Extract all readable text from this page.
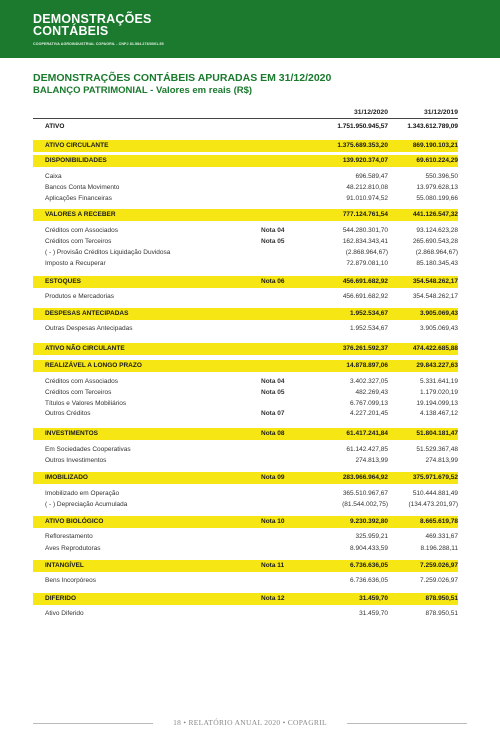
DEMONSTRAÇÕES
CONTÁBEIS
COOPERATIVA AGROINDUSTRIAL COPAGRIL - CNPJ 81.584.278/0001-55
DEMONSTRAÇÕES CONTÁBEIS APURADAS EM 31/12/2020
BALANÇO PATRIMONIAL - Valores em reais (R$)
31/12/2020	31/12/2019
ATIVO	1.751.950.945,57	1.343.612.789,09
ATIVO CIRCULANTE	1.375.689.353,20	869.190.103,21
DISPONIBILIDADES	139.920.374,07	69.610.224,29
Caixa	696.589,47	550.396,50
Bancos Conta Movimento	48.212.810,08	13.979.628,13
Aplicações Financeiras	91.010.974,52	55.080.199,66
VALORES A RECEBER	777.124.761,54	441.126.547,32
Créditos com Associados	Nota 04	544.280.301,70	93.124.623,28
Créditos com Terceiros	Nota 05	162.834.343,41	265.690.543,28
( - ) Provisão Créditos Liquidação Duvidosa	(2.868.964,67)	(2.868.964,67)
Imposto a Recuperar	72.879.081,10	85.180.345,43
ESTOQUES	Nota 06	456.691.682,92	354.548.262,17
Produtos e Mercadorias	456.691.682,92	354.548.262,17
DESPESAS ANTECIPADAS	1.952.534,67	3.905.069,43
Outras Despesas Antecipadas	1.952.534,67	3.905.069,43
ATIVO NÃO CIRCULANTE	376.261.592,37	474.422.685,88
REALIZÁVEL A LONGO PRAZO	14.878.897,06	29.843.227,63
Créditos com Associados	Nota 04	3.402.327,05	5.331.641,19
Créditos com Terceiros	Nota 05	482.269,43	1.179.020,19
Títulos e Valores Mobiliários	6.767.099,13	19.194.099,13
Outros Créditos	Nota 07	4.227.201,45	4.138.467,12
INVESTIMENTOS	Nota 08	61.417.241,84	51.804.181,47
Em Sociedades Cooperativas	61.142.427,85	51.529.367,48
Outros Investimentos	274.813,99	274.813,99
IMOBILIZADO	Nota 09	283.966.964,92	375.971.679,52
Imobilizado em Operação	365.510.967,67	510.444.881,49
( - ) Depreciação Acumulada	(81.544.002,75)	(134.473.201,97)
ATIVO BIOLÓGICO	Nota 10	9.230.392,80	8.665.619,78
Reflorestamento	325.959,21	469.331,67
Aves Reprodutoras	8.904.433,59	8.196.288,11
INTANGÍVEL	Nota 11	6.736.636,05	7.259.026,97
Bens Incorpóreos	6.736.636,05	7.259.026,97
DIFERIDO	Nota 12	31.459,70	878.950,51
Ativo Diferido	31.459,70	878.950,51
18 • RELATÓRIO ANUAL 2020 • COPAGRIL
